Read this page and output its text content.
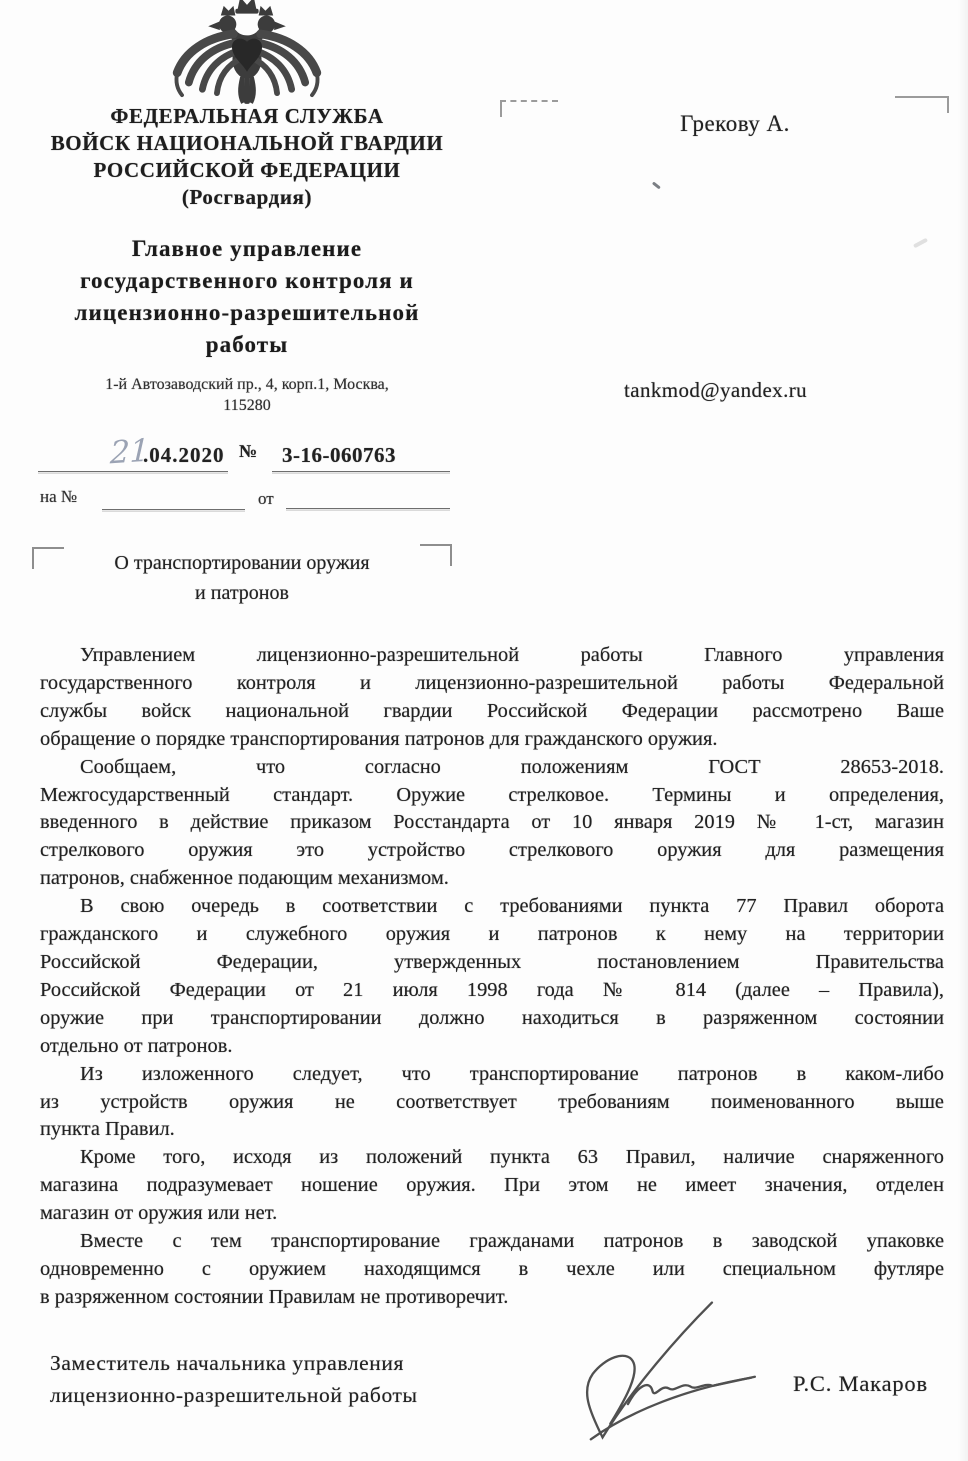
ФЕДЕРАЛЬНАЯ СЛУЖБА
ВОЙСК НАЦИОНАЛЬНОЙ ГВАРДИИ
РОССИЙСКОЙ ФЕДЕРАЦИИ
(Росгвардия)
Главное управление
государственного контроля и
лицензионно-разрешительной
работы
1-й Автозаводский пр., 4, корп.1, Москва,
115280
21
.04.2020 № 3-16-060763
на №	от
О транспортировании оружия
и патронов
Грекову А.
tankmod@yandex.ru
Управлением лицензионно-разрешительной работы Главного управления
государственного контроля и лицензионно-разрешительной работы Федеральной
службы войск национальной гвардии Российской Федерации рассмотрено Ваше
обращение о порядке транспортирования патронов для гражданского оружия.
Сообщаем, что согласно положениям ГОСТ 28653-2018.
Межгосударственный стандарт. Оружие стрелковое. Термины и определения,
введенного в действие приказом Росстандарта от 10 января 2019 № 1-ст, магазин
стрелкового оружия это устройство стрелкового оружия для размещения
патронов, снабженное подающим механизмом.
В свою очередь в соответствии с требованиями пункта 77 Правил оборота
гражданского и служебного оружия и патронов к нему на территории
Российской Федерации, утвержденных постановлением Правительства
Российской Федерации от 21 июля 1998 года № 814 (далее – Правила),
оружие при транспортировании должно находиться в разряженном состоянии
отдельно от патронов.
Из изложенного следует, что транспортирование патронов в каком-либо
из устройств оружия не соответствует требованиям поименованного выше
пункта Правил.
Кроме того, исходя из положений пункта 63 Правил, наличие снаряженного
магазина подразумевает ношение оружия. При этом не имеет значения, отделен
магазин от оружия или нет.
Вместе с тем транспортирование гражданами патронов в заводской упаковке
одновременно с оружием находящимся в чехле или специальном футляре
в разряженном состоянии Правилам не противоречит.
Заместитель начальника управления
лицензионно-разрешительной работы	Р.С. Макаров
